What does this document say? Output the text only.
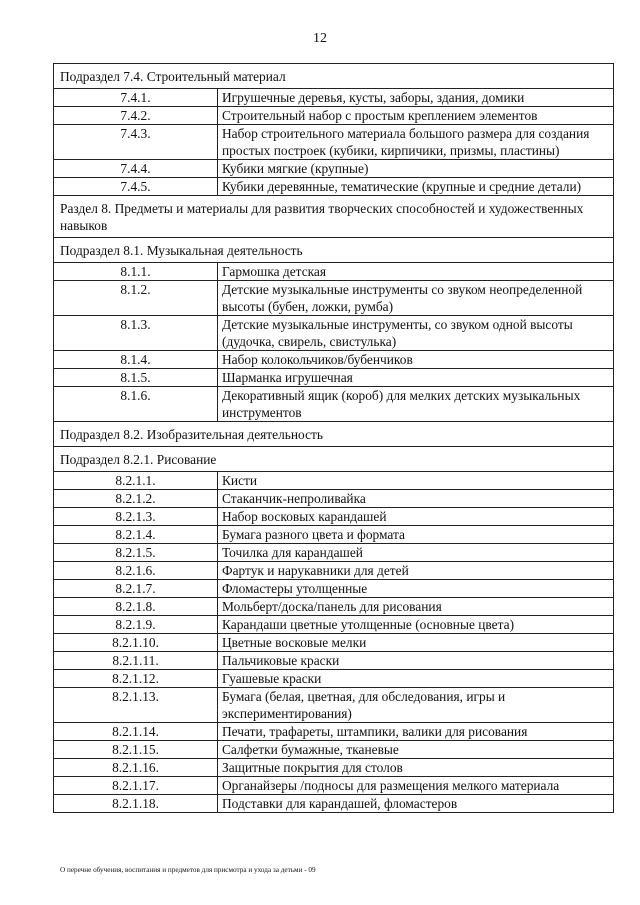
12
Подраздел 7.4. Строительный материал	
7.4.1.	Игрушечные деревья, кусты, заборы, здания, домики
7.4.2.	Строительный набор с простым креплением элементов
7.4.3.	Набор строительного материала большого размера для создания простых построек (кубики, кирпичики, призмы, пластины)
7.4.4.	Кубики мягкие (крупные)
7.4.5.	Кубики деревянные, тематические (крупные и средние детали)
Раздел 8. Предметы и материалы для развития творческих способностей и художественных навыков	
Подраздел 8.1. Музыкальная деятельность	
8.1.1.	Гармошка детская
8.1.2.	Детские музыкальные инструменты со звуком неопределенной высоты (бубен, ложки, румба)
8.1.3.	Детские музыкальные инструменты, со звуком одной высоты (дудочка, свирель, свистулька)
8.1.4.	Набор колокольчиков/бубенчиков
8.1.5.	Шарманка игрушечная
8.1.6.	Декоративный ящик (короб) для мелких детских музыкальных инструментов
Подраздел 8.2. Изобразительная деятельность	
Подраздел 8.2.1. Рисование	
8.2.1.1.	Кисти
8.2.1.2.	Стаканчик-непроливайка
8.2.1.3.	Набор восковых карандашей
8.2.1.4.	Бумага разного цвета и формата
8.2.1.5.	Точилка для карандашей
8.2.1.6.	Фартук и нарукавники для детей
8.2.1.7.	Фломастеры утолщенные
8.2.1.8.	Мольберт/доска/панель для рисования
8.2.1.9.	Карандаши цветные утолщенные (основные цвета)
8.2.1.10.	Цветные восковые мелки
8.2.1.11.	Пальчиковые краски
8.2.1.12.	Гуашевые краски
8.2.1.13.	Бумага (белая, цветная, для обследования, игры и экспериментирования)
8.2.1.14.	Печати, трафареты, штампики, валики для рисования
8.2.1.15.	Салфетки бумажные, тканевые
8.2.1.16.	Защитные покрытия для столов
8.2.1.17.	Органайзеры /подносы для размещения мелкого материала
8.2.1.18.	Подставки для карандашей, фломастеров
О перечне обучения, воспитания и предметов для присмотра и ухода за детьми - 09
